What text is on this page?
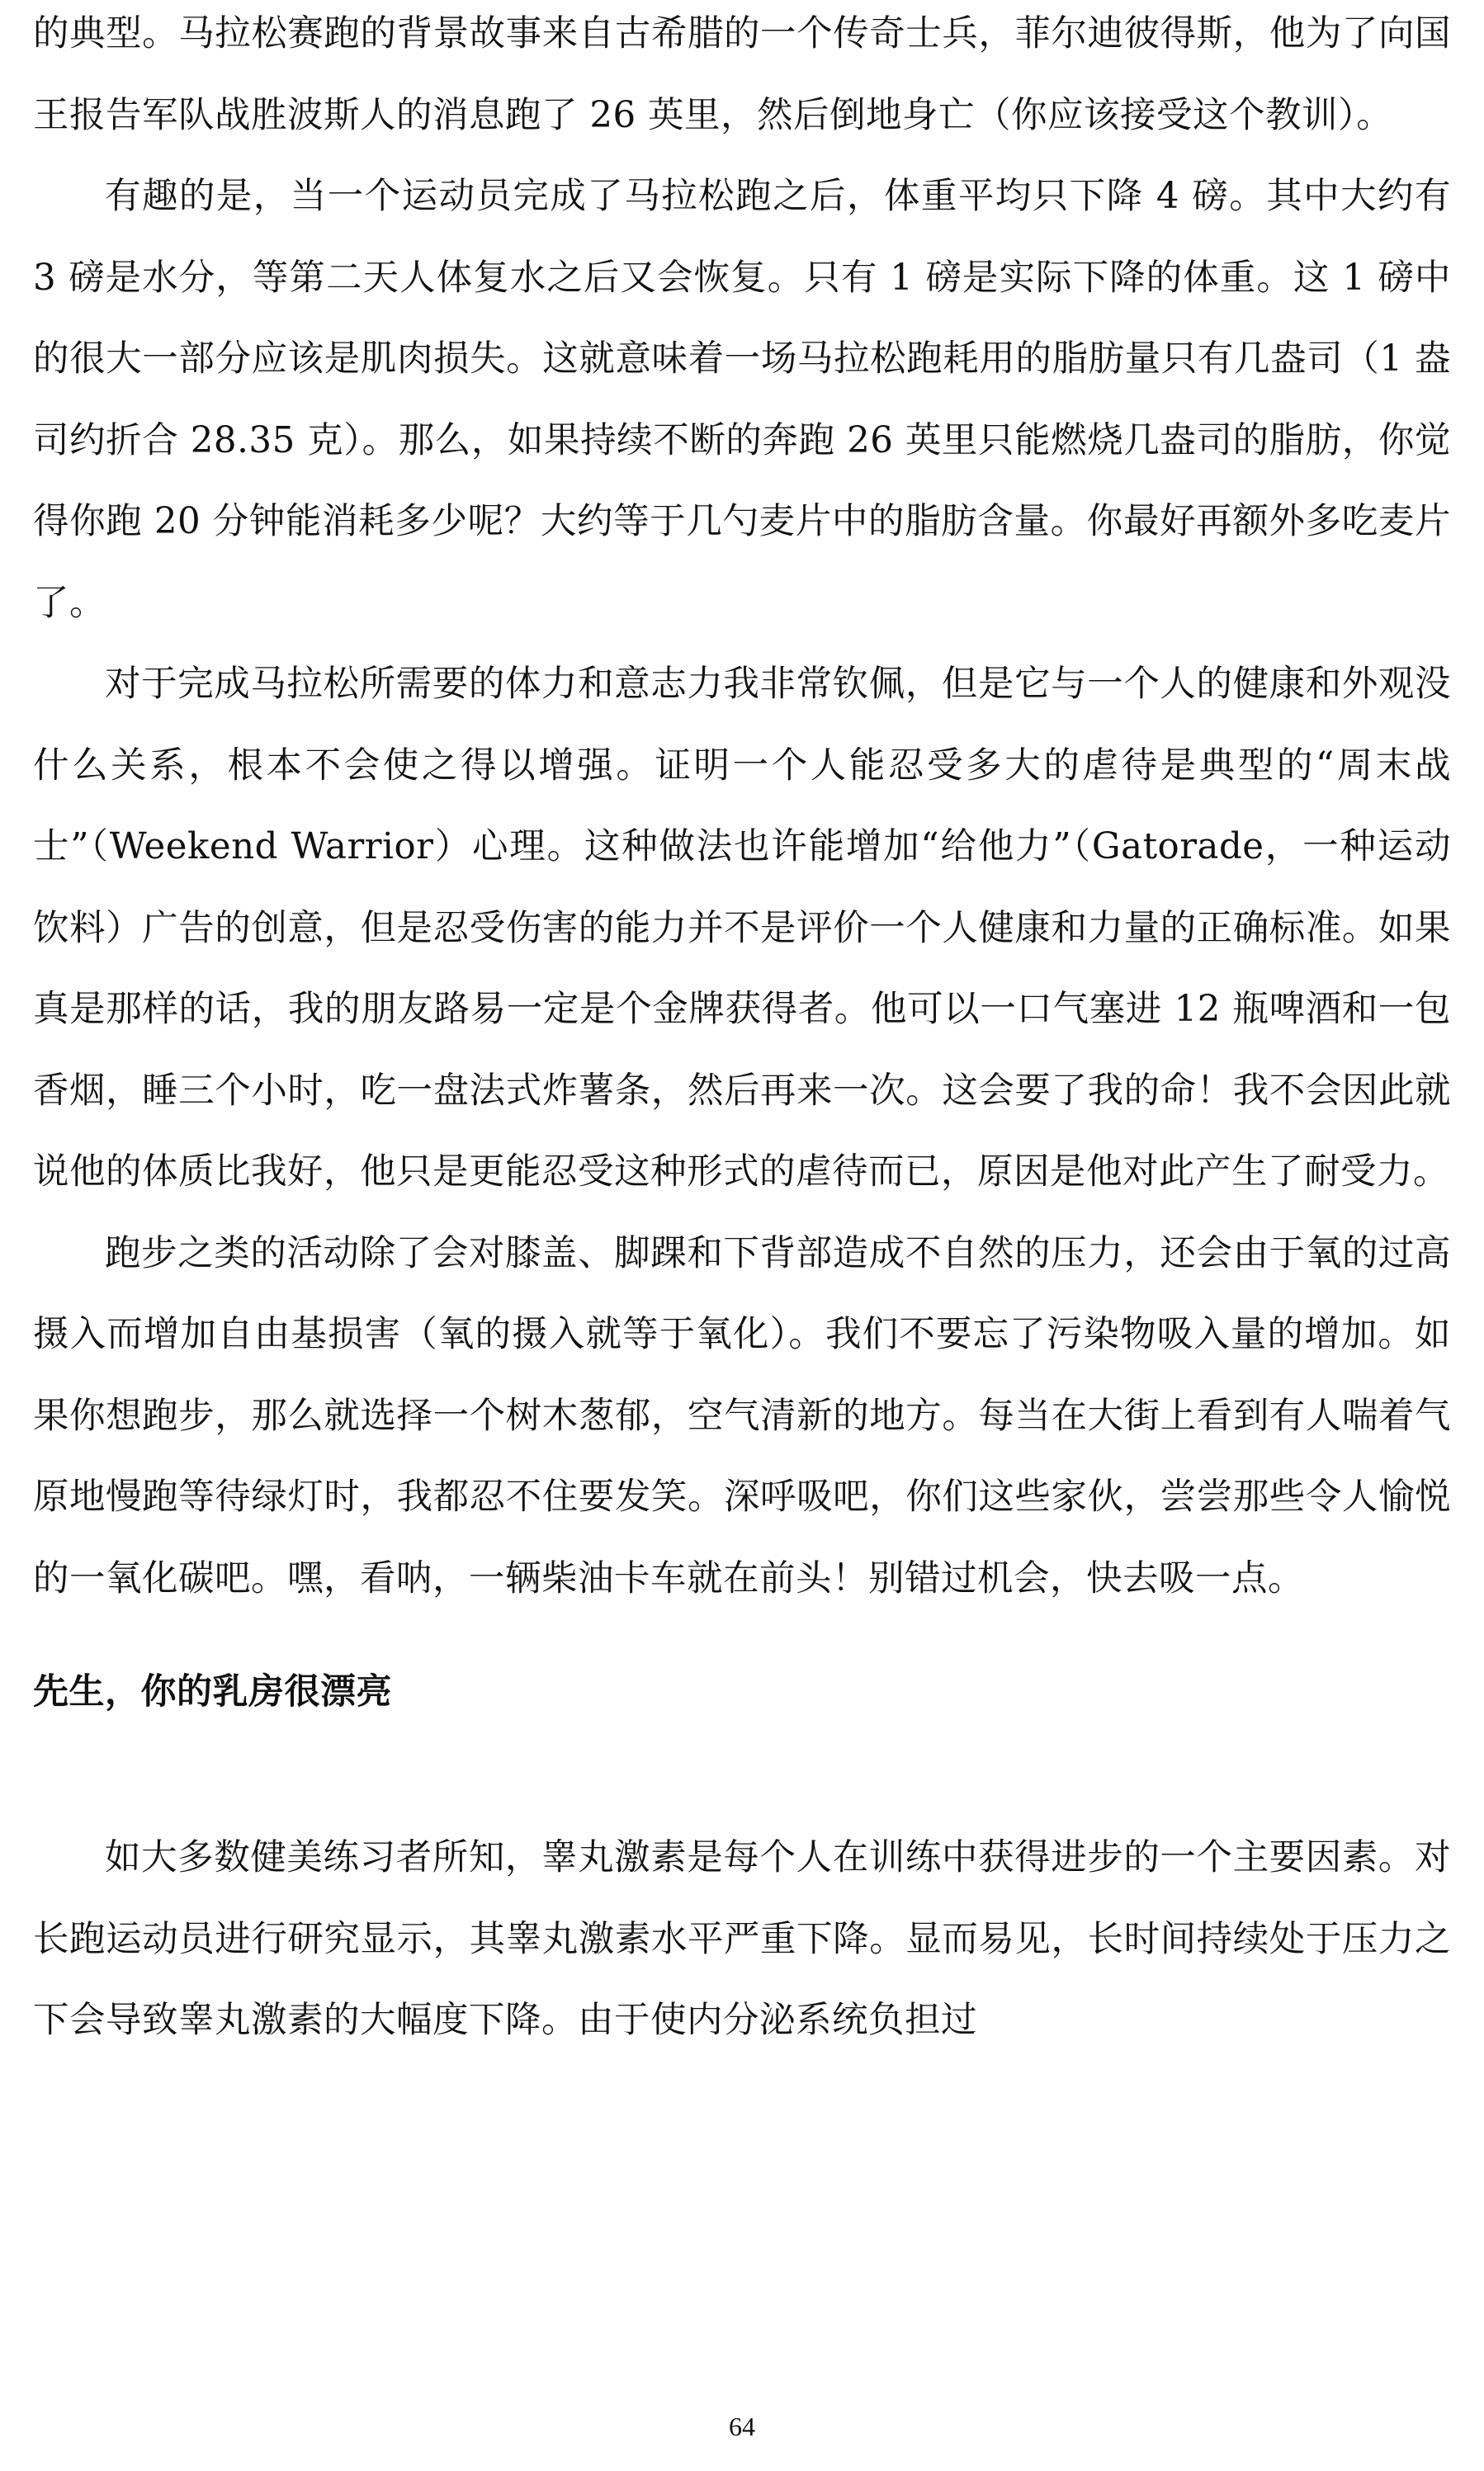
的典型。马拉松赛跑的背景故事来自古希腊的一个传奇士兵，菲尔迪彼得斯，他为了向国王报告军队战胜波斯人的消息跑了 26 英里，然后倒地身亡（你应该接受这个教训）。

有趣的是，当一个运动员完成了马拉松跑之后，体重平均只下降 4 磅。其中大约有 3 磅是水分，等第二天人体复水之后又会恢复。只有 1 磅是实际下降的体重。这 1 磅中的很大一部分应该是肌肉损失。这就意味着一场马拉松跑耗用的脂肪量只有几盎司（1 盎司约折合 28.35 克）。那么，如果持续不断的奔跑 26 英里只能燃烧几盎司的脂肪，你觉得你跑 20 分钟能消耗多少呢？大约等于几勺麦片中的脂肪含量。你最好再额外多吃麦片了。

对于完成马拉松所需要的体力和意志力我非常钦佩，但是它与一个人的健康和外观没什么关系，根本不会使之得以增强。证明一个人能忍受多大的虐待是典型的“周末战士”（Weekend Warrior）心理。这种做法也许能增加“给他力”（Gatorade，一种运动饮料）广告的创意，但是忍受伤害的能力并不是评价一个人健康和力量的正确标准。如果真是那样的话，我的朋友路易一定是个金牌获得者。他可以一口气塞进 12 瓶啤酒和一包香烟，睡三个小时，吃一盘法式炸薯条，然后再来一次。这会要了我的命！我不会因此就说他的体质比我好，他只是更能忍受这种形式的虐待而已，原因是他对此产生了耐受力。

跑步之类的活动除了会对膝盖、脚踝和下背部造成不自然的压力，还会由于氧的过高摄入而增加自由基损害（氧的摄入就等于氧化）。我们不要忘了污染物吸入量的增加。如果你想跑步，那么就选择一个树木葱郁，空气清新的地方。每当在大街上看到有人喘着气原地慢跑等待绿灯时，我都忍不住要发笑。深呼吸吧，你们这些家伙，尝尝那些令人愉悦的一氧化碳吧。嘿，看呐，一辆柴油卡车就在前头！别错过机会，快去吸一点。

先生，你的乳房很漂亮

如大多数健美练习者所知，睾丸激素是每个人在训练中获得进步的一个主要因素。对长跑运动员进行研究显示，其睾丸激素水平严重下降。显而易见，长时间持续处于压力之下会导致睾丸激素的大幅度下降。由于使内分泌系统负担过

64
